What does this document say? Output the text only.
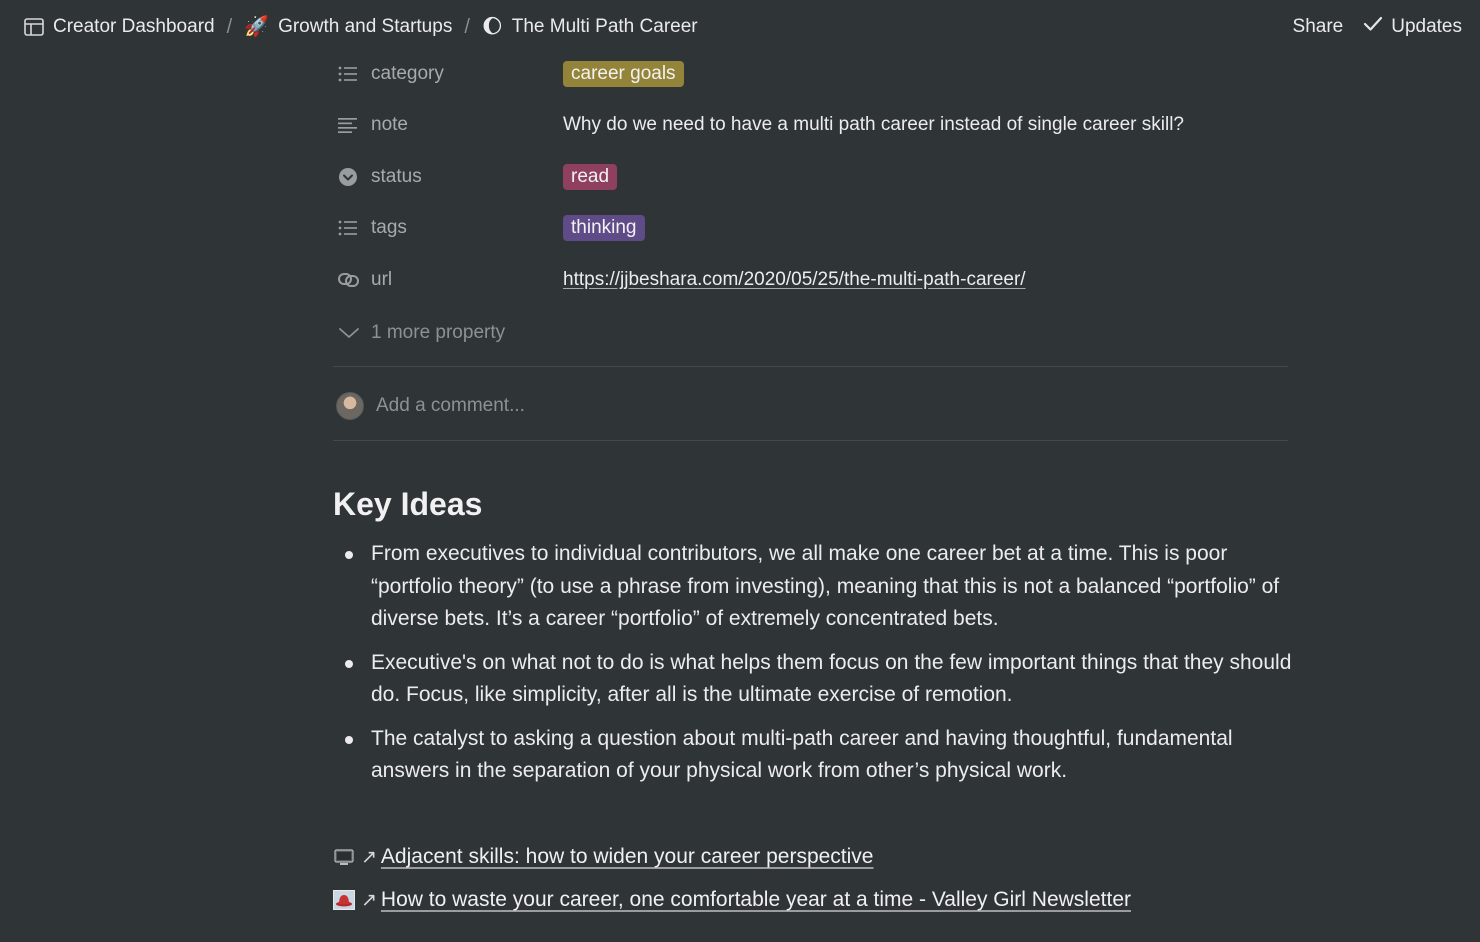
Creator Dashboard / 🚀 Growth and Startups / 🌔 The Multi Path Career	Share	Updates
category	career goals
note	Why do we need to have a multi path career instead of single career skill?
status	read
tags	thinking
url	https://jjbeshara.com/2020/05/25/the-multi-path-career/
1 more property
Add a comment...
Key Ideas
From executives to individual contributors, we all make one career bet at a time. This is poor “portfolio theory” (to use a phrase from investing), meaning that this is not a balanced “portfolio” of diverse bets. It’s a career “portfolio” of extremely concentrated bets.
Executive's on what not to do is what helps them focus on the few important things that they should do. Focus, like simplicity, after all is the ultimate exercise of remotion.
The catalyst to asking a question about multi-path career and having thoughtful, fundamental answers in the separation of your physical work from other’s physical work.
↗ Adjacent skills: how to widen your career perspective
↗ How to waste your career, one comfortable year at a time - Valley Girl Newsletter
